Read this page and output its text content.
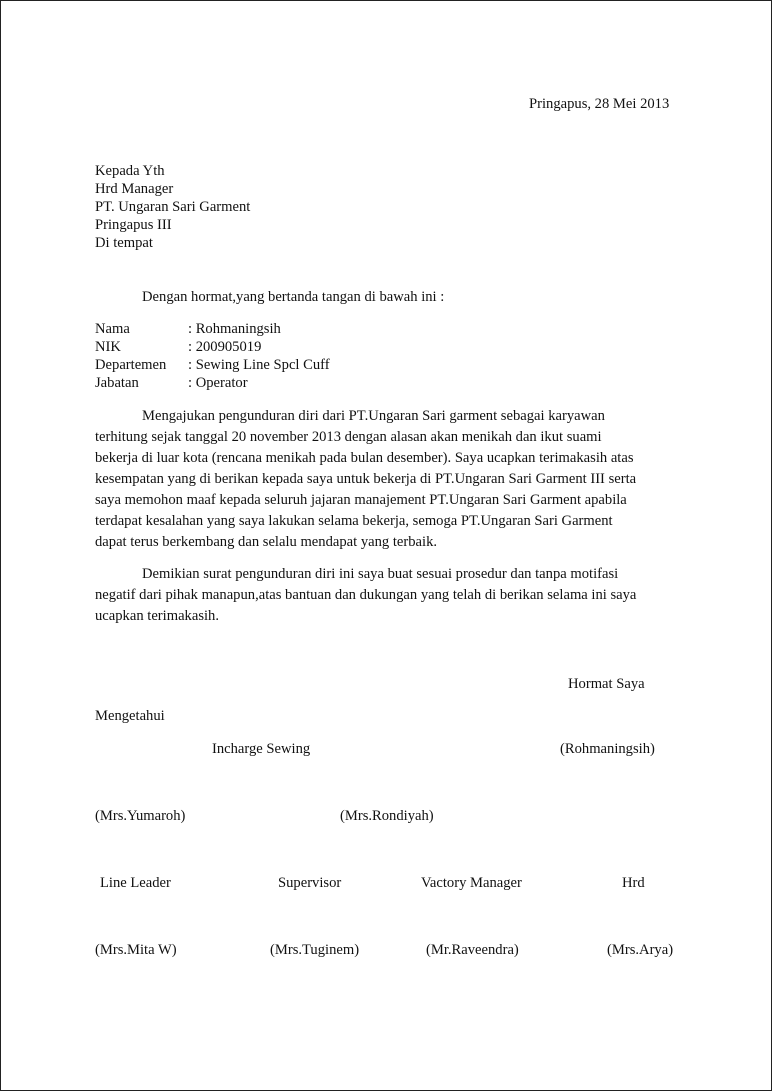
Pringapus, 28 Mei 2013
Kepada Yth
Hrd Manager
PT. Ungaran Sari Garment
Pringapus III
Di tempat
Dengan hormat,yang bertanda tangan di bawah ini :
Nama	: Rohmaningsih
NIK	: 200905019
Departemen : Sewing Line Spcl Cuff
Jabatan	: Operator
Mengajukan pengunduran diri dari PT.Ungaran Sari garment sebagai karyawan
terhitung sejak tanggal 20 november 2013 dengan alasan akan menikah dan ikut suami
bekerja di luar kota (rencana menikah pada bulan desember). Saya ucapkan terimakasih atas
kesempatan yang di berikan kepada saya untuk bekerja di PT.Ungaran Sari Garment III serta
saya memohon maaf kepada seluruh jajaran manajement PT.Ungaran Sari Garment apabila
terdapat kesalahan yang saya lakukan selama bekerja, semoga PT.Ungaran Sari Garment
dapat terus berkembang dan selalu mendapat yang terbaik.
Demikian surat pengunduran diri ini saya buat sesuai prosedur dan tanpa motifasi
negatif dari pihak manapun,atas bantuan dan dukungan yang telah di berikan selama ini saya
ucapkan terimakasih.
Hormat Saya
Mengetahui
Incharge Sewing	(Rohmaningsih)
(Mrs.Yumaroh)	(Mrs.Rondiyah)
Line Leader	Supervisor	Vactory Manager	Hrd
(Mrs.Mita W)	(Mrs.Tuginem)	(Mr.Raveendra)	(Mrs.Arya)
